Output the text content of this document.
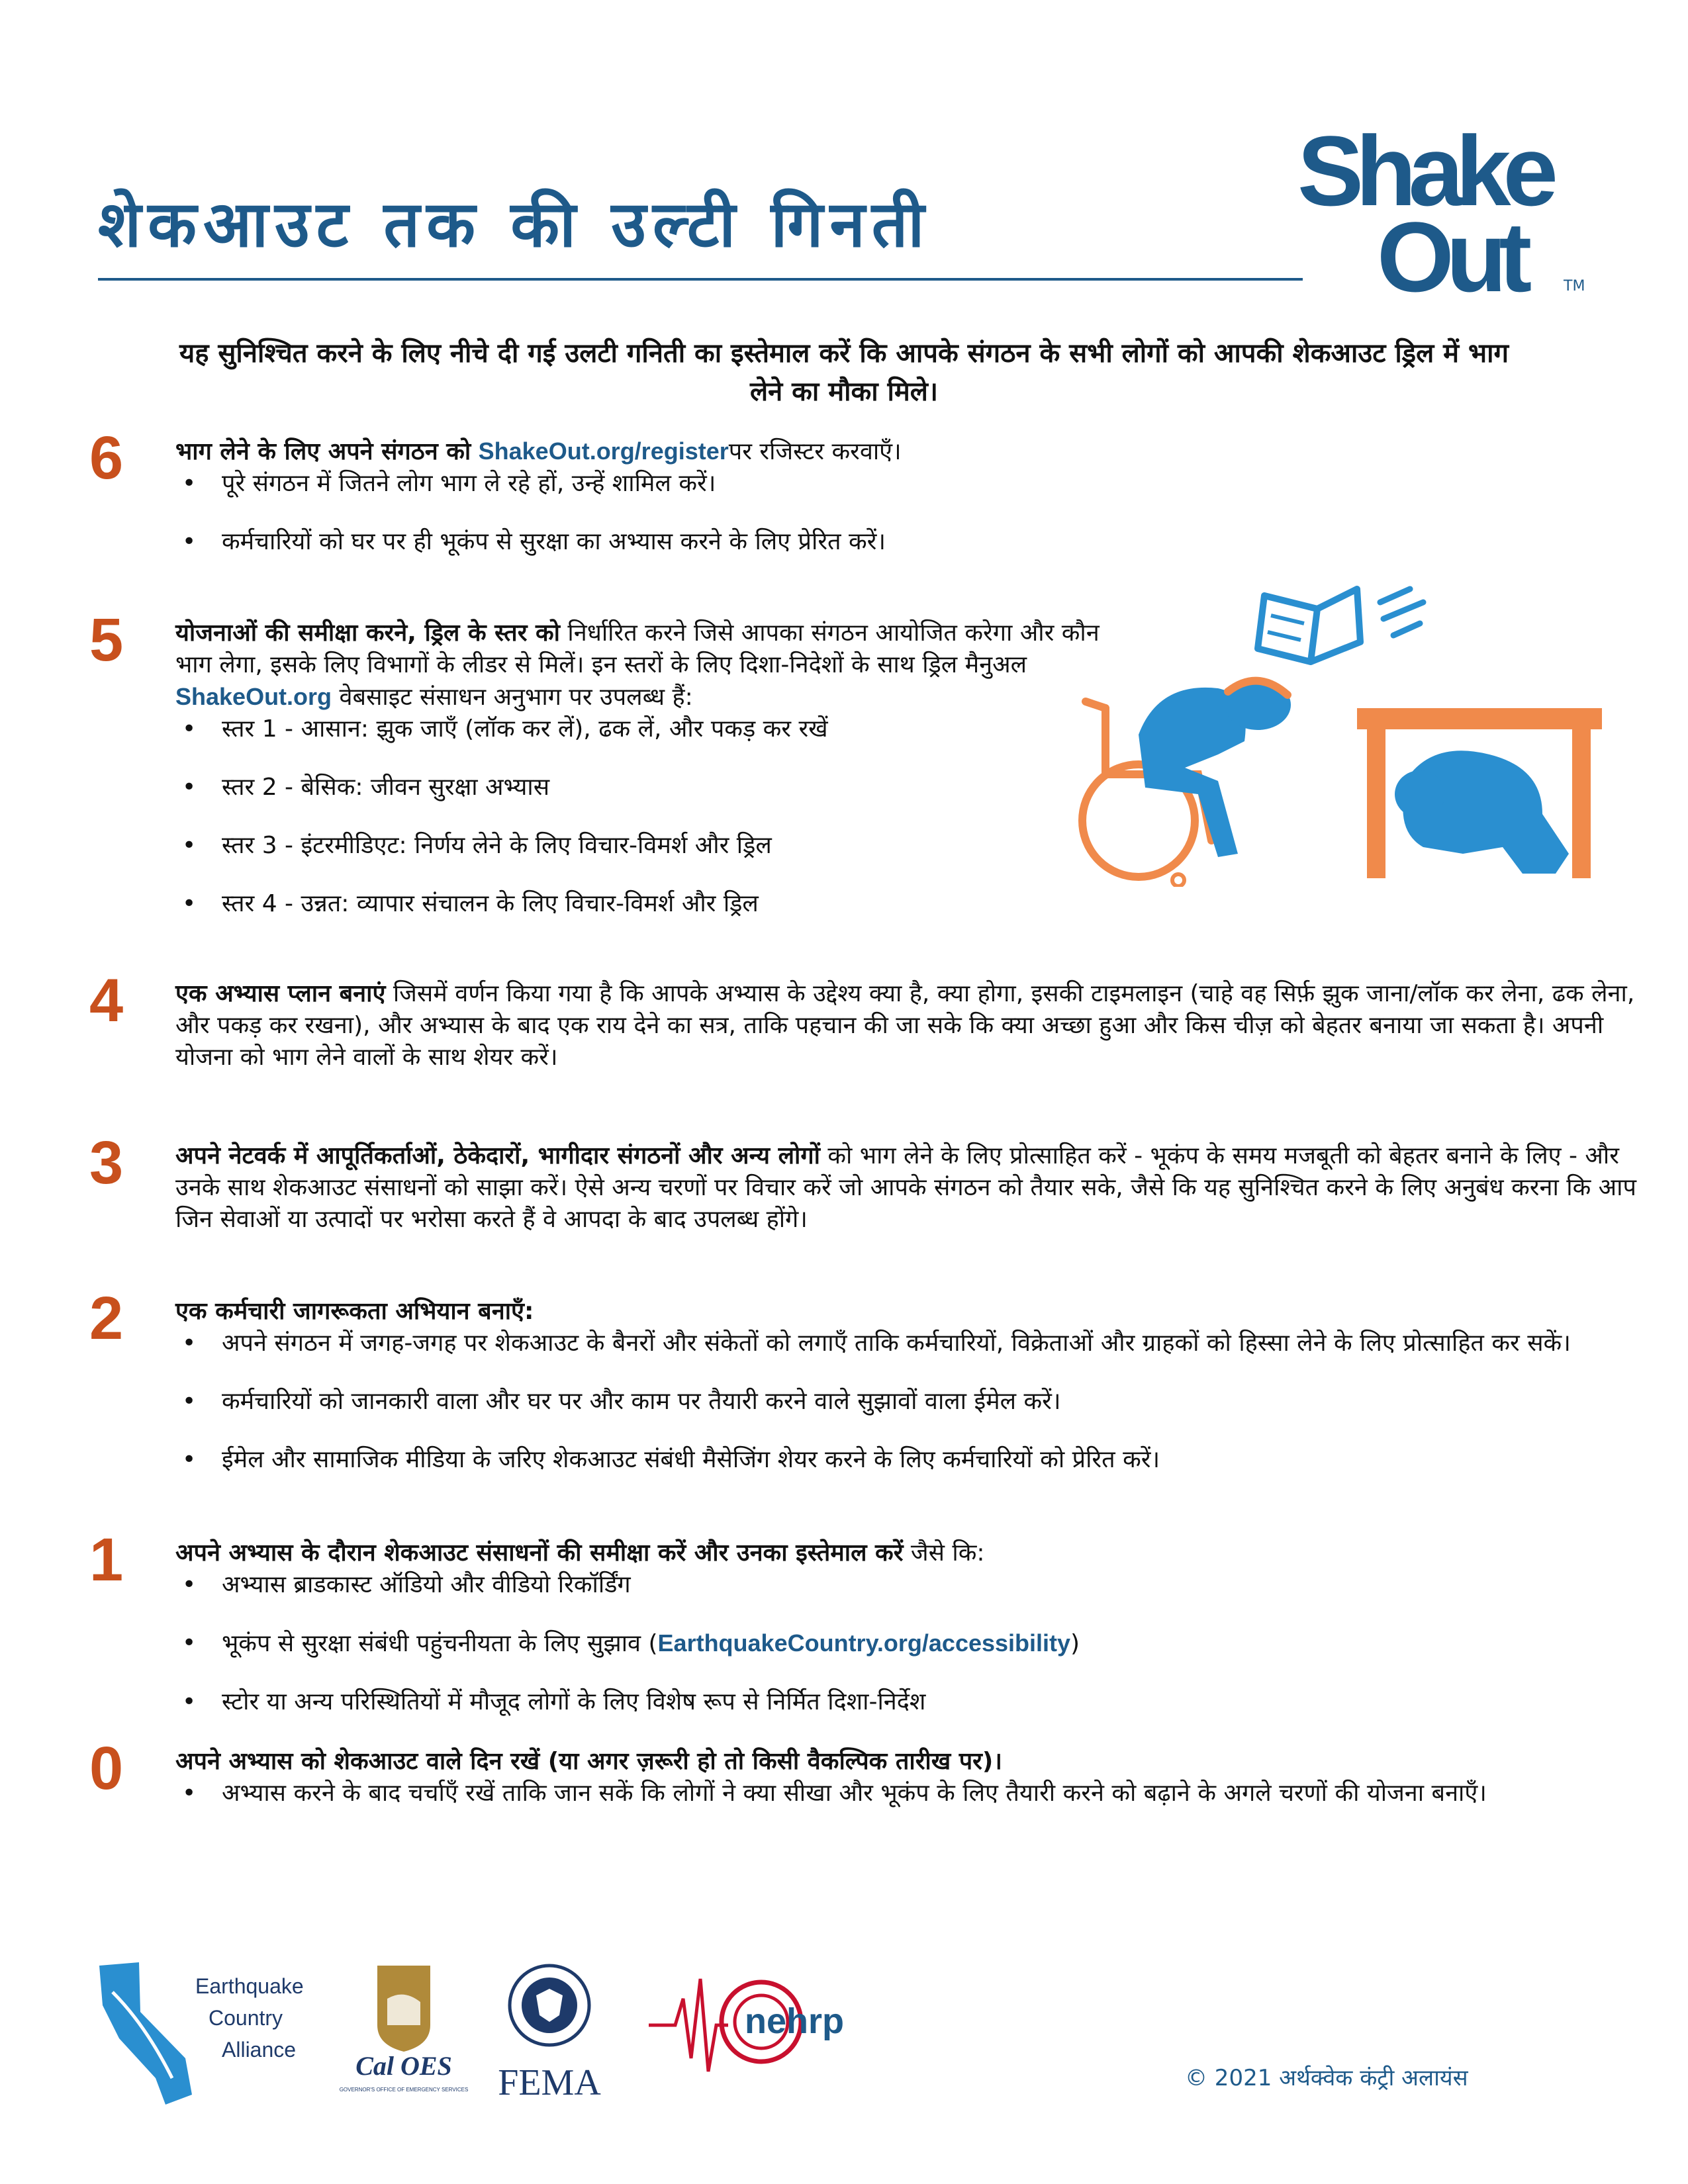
शेकआउट तक की उल्टी गिनती	Shake
Out	TM
यह सुनिश्चित करने के लिए नीचे दी गई उलटी गनिती का इस्तेमाल करें कि आपके संगठन के सभी लोगों को आपकी शेकआउट ड्रिल में भाग लेने का मौका मिले।
6 भाग लेने के लिए अपने संगठन को ShakeOut.org/registerपर रजिस्टर करवाएँ।

• पूरे संगठन में जितने लोग भाग ले रहे हों, उन्हें शामिल करें।
• कर्मचारियों को घर पर ही भूकंप से सुरक्षा का अभ्यास करने के लिए प्रेरित करें।
5 योजनाओं की समीक्षा करने, ड्रिल के स्तर को निर्धारित करने जिसे आपका संगठन आयोजित करेगा और कौन भाग लेगा, इसके लिए विभागों के लीडर से मिलें। इन स्तरों के लिए दिशा-निदेशों के साथ ड्रिल मैनुअल ShakeOut.org वेबसाइट संसाधन अनुभाग पर उपलब्ध हैं:

• स्तर 1 - आसान: झुक जाएँ (लॉक कर लें), ढक लें, और पकड़ कर रखें
• स्तर 2 - बेसिक: जीवन सुरक्षा अभ्यास
• स्तर 3 - इंटरमीडिएट: निर्णय लेने के लिए विचार-विमर्श और ड्रिल
• स्तर 4 - उन्नत: व्यापार संचालन के लिए विचार-विमर्श और ड्रिल
4 एक अभ्यास प्लान बनाएं जिसमें वर्णन किया गया है कि आपके अभ्यास के उद्देश्य क्या है, क्या होगा, इसकी टाइमलाइन (चाहे वह सिर्फ़ झुक जाना/लॉक कर लेना, ढक लेना, और पकड़ कर रखना), और अभ्यास के बाद एक राय देने का सत्र, ताकि पहचान की जा सके कि क्या अच्छा हुआ और किस चीज़ को बेहतर बनाया जा सकता है। अपनी योजना को भाग लेने वालों के साथ शेयर करें।

3 अपने नेटवर्क में आपूर्तिकर्ताओं, ठेकेदारों, भागीदार संगठनों और अन्य लोगों को भाग लेने के लिए प्रोत्साहित करें - भूकंप के समय मजबूती को बेहतर बनाने के लिए - और उनके साथ शेकआउट संसाधनों को साझा करें। ऐसे अन्य चरणों पर विचार करें जो आपके संगठन को तैयार सके, जैसे कि यह सुनिश्चित करने के लिए अनुबंध करना कि आप जिन सेवाओं या उत्पादों पर भरोसा करते हैं वे आपदा के बाद उपलब्ध होंगे।

2 एक कर्मचारी जागरूकता अभियान बनाएँ:

• अपने संगठन में जगह-जगह पर शेकआउट के बैनरों और संकेतों को लगाएँ ताकि कर्मचारियों, विक्रेताओं और ग्राहकों को हिस्सा लेने के लिए प्रोत्साहित कर सकें।
• कर्मचारियों को जानकारी वाला और घर पर और काम पर तैयारी करने वाले सुझावों वाला ईमेल करें।
• ईमेल और सामाजिक मीडिया के जरिए शेकआउट संबंधी मैसेजिंग शेयर करने के लिए कर्मचारियों को प्रेरित करें।
1 अपने अभ्यास के दौरान शेकआउट संसाधनों की समीक्षा करें और उनका इस्तेमाल करें जैसे कि:

• अभ्यास ब्राडकास्ट ऑडियो और वीडियो रिकॉर्डिंग
• भूकंप से सुरक्षा संबंधी पहुंचनीयता के लिए सुझाव (EarthquakeCountry.org/accessibility)
• स्टोर या अन्य परिस्थितियों में मौजूद लोगों के लिए विशेष रूप से निर्मित दिशा-निर्देश
0 अपने अभ्यास को शेकआउट वाले दिन रखें (या अगर ज़रूरी हो तो किसी वैकल्पिक तारीख पर)।

• अभ्यास करने के बाद चर्चाएँ रखें ताकि जान सकें कि लोगों ने क्या सीखा और भूकंप के लिए तैयारी करने को बढ़ाने के अगले चरणों की योजना बनाएँ।
Earthquake
Country
Alliance
Cal OES
GOVERNOR'S OFFICE OF EMERGENCY SERVICES FEMA
nehrp
© 2021 अर्थक्वेक कंट्री अलायंस
